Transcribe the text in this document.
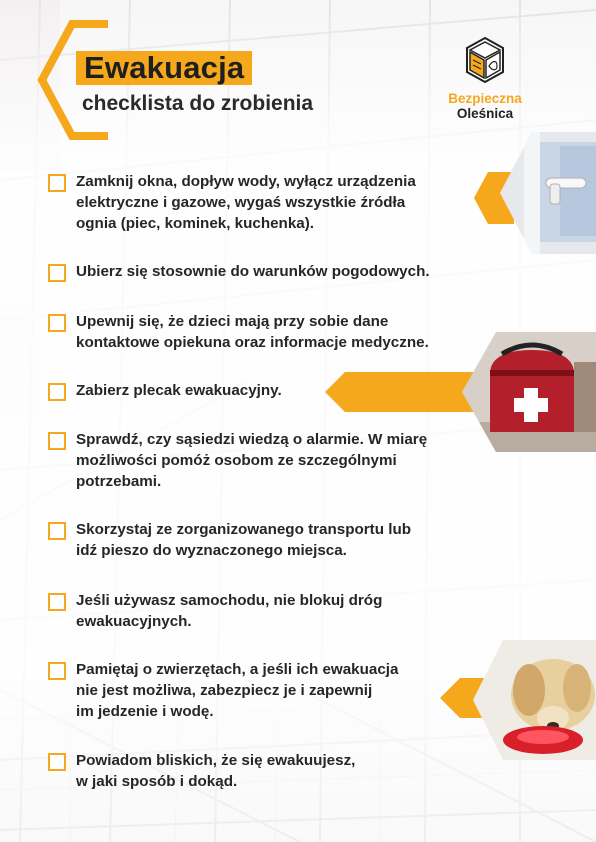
Ewakuacja
checklista do zrobienia	Bezpieczna
Oleśnica
Zamknij okna, dopływ wody, wyłącz urządzenia
elektryczne i gazowe, wygaś wszystkie źródła
ognia (piec, kominek, kuchenka).
Ubierz się stosownie do warunków pogodowych.
Upewnij się, że dzieci mają przy sobie dane
kontaktowe opiekuna oraz informacje medyczne.
Zabierz plecak ewakuacyjny.
Sprawdź, czy sąsiedzi wiedzą o alarmie. W miarę
możliwości pomóż osobom ze szczególnymi
potrzebami.
Skorzystaj ze zorganizowanego transportu lub
idź pieszo do wyznaczonego miejsca.
Jeśli używasz samochodu, nie blokuj dróg
ewakuacyjnych.
Pamiętaj o zwierzętach, a jeśli ich ewakuacja
nie jest możliwa, zabezpiecz je i zapewnij
im jedzenie i wodę.
Powiadom bliskich, że się ewakuujesz,
w jaki sposób i dokąd.
